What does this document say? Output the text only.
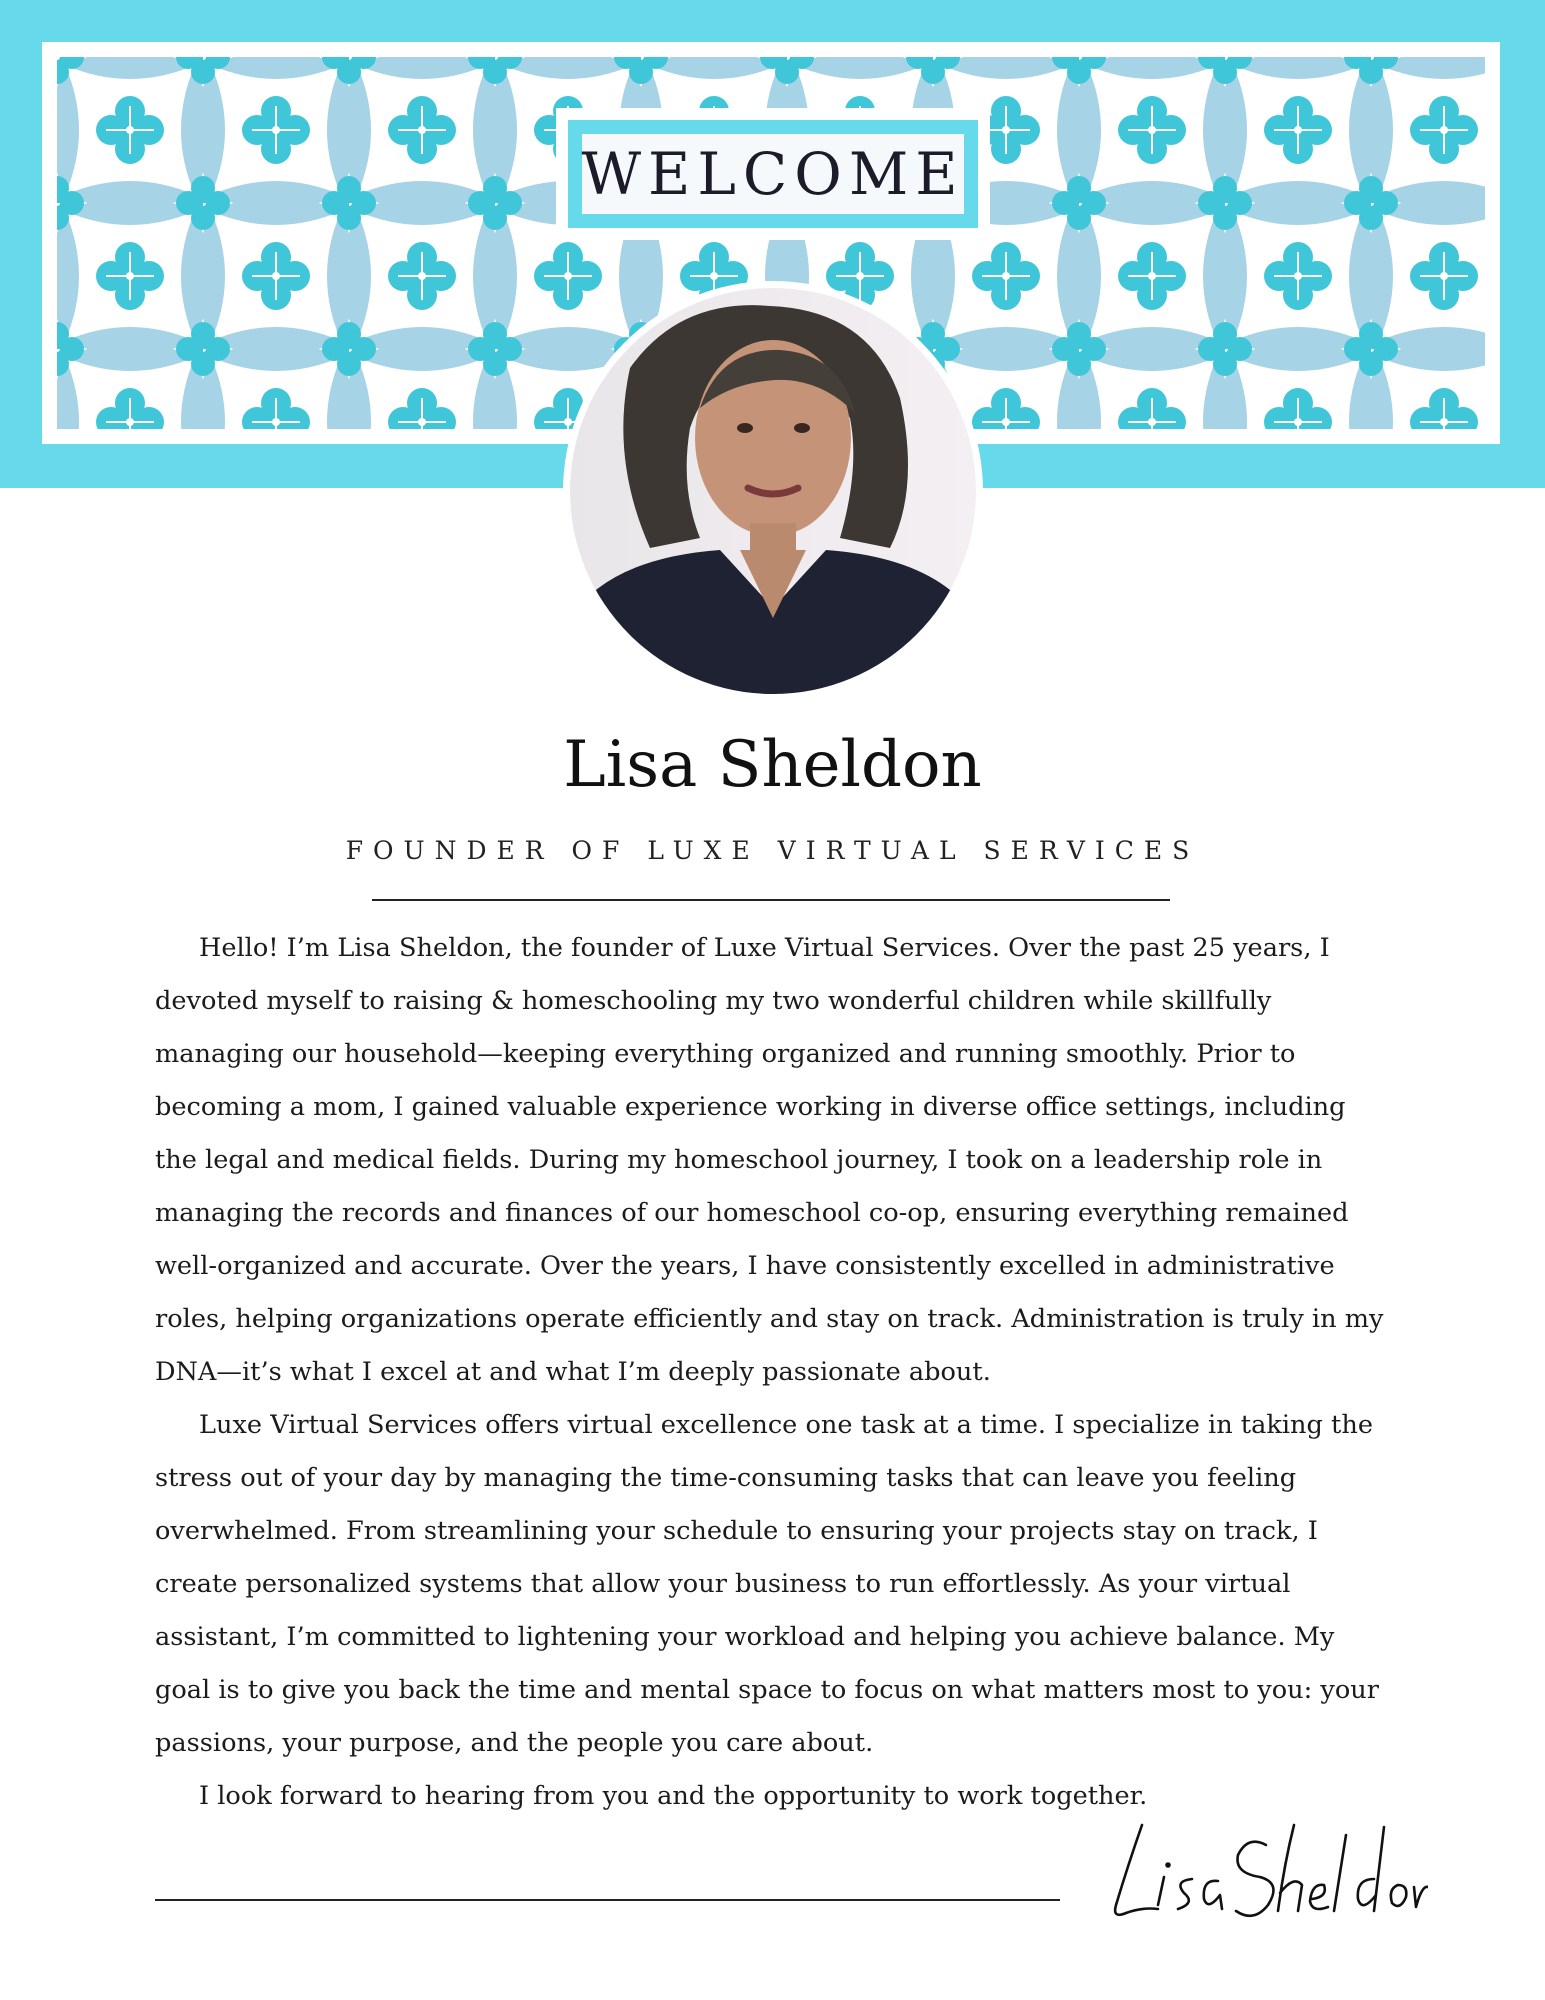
WELCOME
Lisa Sheldon
FOUNDER OF LUXE VIRTUAL SERVICES

Hello! I’m Lisa Sheldon, the founder of Luxe Virtual Services. Over the past 25 years, I devoted myself to raising & homeschooling my two wonderful children while skillfully managing our household—keeping everything organized and running smoothly. Prior to becoming a mom, I gained valuable experience working in diverse office settings, including the legal and medical fields. During my homeschool journey, I took on a leadership role in managing the records and finances of our homeschool co-op, ensuring everything remained well-organized and accurate. Over the years, I have consistently excelled in administrative roles, helping organizations operate efficiently and stay on track. Administration is truly in my DNA—it’s what I excel at and what I’m deeply passionate about.

Luxe Virtual Services offers virtual excellence one task at a time. I specialize in taking the stress out of your day by managing the time-consuming tasks that can leave you feeling overwhelmed. From streamlining your schedule to ensuring your projects stay on track, I create personalized systems that allow your business to run effortlessly. As your virtual assistant, I’m committed to lightening your workload and helping you achieve balance. My goal is to give you back the time and mental space to focus on what matters most to you: your passions, your purpose, and the people you care about.

I look forward to hearing from you and the opportunity to work together.
